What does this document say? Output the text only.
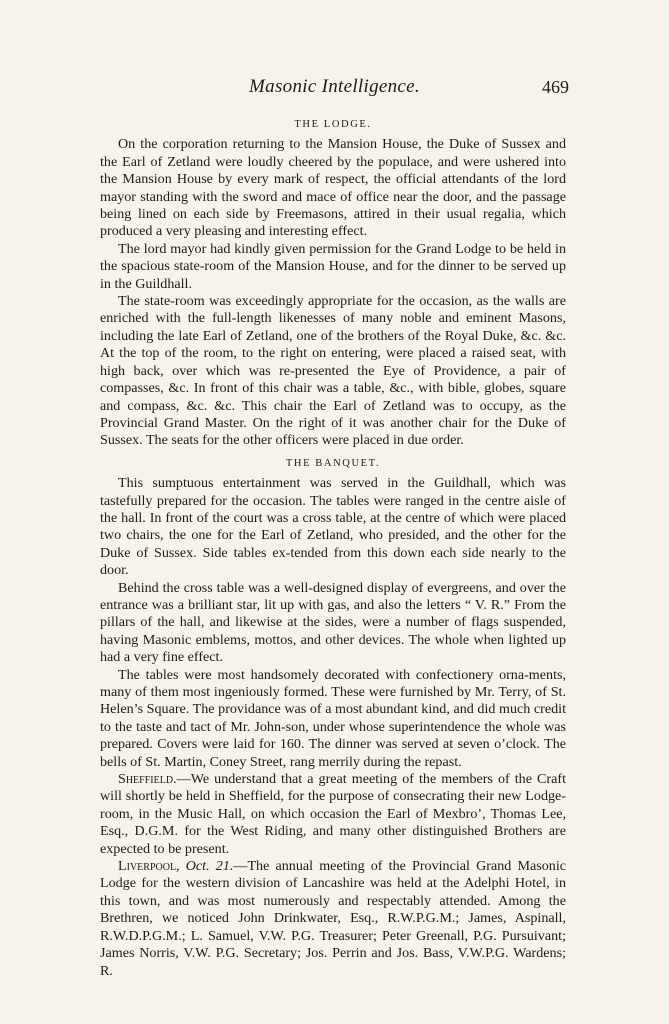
Masonic Intelligence.	469
THE LODGE.

On the corporation returning to the Mansion House, the Duke of Sussex and the Earl of Zetland were loudly cheered by the populace, and were ushered into the Mansion House by every mark of respect, the official attendants of the lord mayor standing with the sword and mace of office near the door, and the passage being lined on each side by Freemasons, attired in their usual regalia, which produced a very pleasing and interesting effect.

The lord mayor had kindly given permission for the Grand Lodge to be held in the spacious state-room of the Mansion House, and for the dinner to be served up in the Guildhall.

The state-room was exceedingly appropriate for the occasion, as the walls are enriched with the full-length likenesses of many noble and eminent Masons, including the late Earl of Zetland, one of the brothers of the Royal Duke, &c. &c. At the top of the room, to the right on entering, were placed a raised seat, with high back, over which was re-presented the Eye of Providence, a pair of compasses, &c. In front of this chair was a table, &c., with bible, globes, square and compass, &c. &c. This chair the Earl of Zetland was to occupy, as the Provincial Grand Master. On the right of it was another chair for the Duke of Sussex. The seats for the other officers were placed in due order.

THE BANQUET.

This sumptuous entertainment was served in the Guildhall, which was tastefully prepared for the occasion. The tables were ranged in the centre aisle of the hall. In front of the court was a cross table, at the centre of which were placed two chairs, the one for the Earl of Zetland, who presided, and the other for the Duke of Sussex. Side tables ex-tended from this down each side nearly to the door.

Behind the cross table was a well-designed display of evergreens, and over the entrance was a brilliant star, lit up with gas, and also the letters “ V. R.” From the pillars of the hall, and likewise at the sides, were a number of flags suspended, having Masonic emblems, mottos, and other devices. The whole when lighted up had a very fine effect.

The tables were most handsomely decorated with confectionery orna-ments, many of them most ingeniously formed. These were furnished by Mr. Terry, of St. Helen’s Square. The providance was of a most abundant kind, and did much credit to the taste and tact of Mr. John-son, under whose superintendence the whole was prepared. Covers were laid for 160. The dinner was served at seven o’clock. The bells of St. Martin, Coney Street, rang merrily during the repast.

Sheffield.—We understand that a great meeting of the members of the Craft will shortly be held in Sheffield, for the purpose of consecrating their new Lodge-room, in the Music Hall, on which occasion the Earl of Mexbro’, Thomas Lee, Esq., D.G.M. for the West Riding, and many other distinguished Brothers are expected to be present.

Liverpool, Oct. 21.—The annual meeting of the Provincial Grand Masonic Lodge for the western division of Lancashire was held at the Adelphi Hotel, in this town, and was most numerously and respectably attended. Among the Brethren, we noticed John Drinkwater, Esq., R.W.P.G.M.; James, Aspinall, R.W.D.P.G.M.; L. Samuel, V.W. P.G. Treasurer; Peter Greenall, P.G. Pursuivant; James Norris, V.W. P.G. Secretary; Jos. Perrin and Jos. Bass, V.W.P.G. Wardens; R.
